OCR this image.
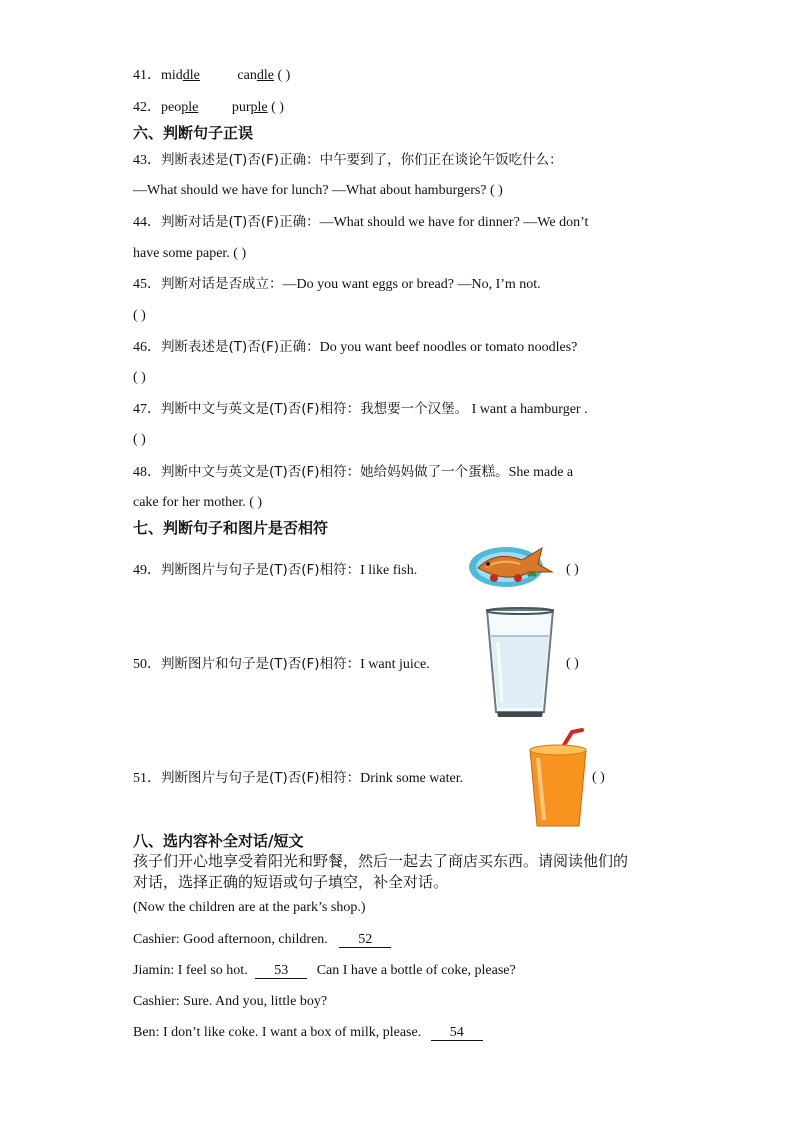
41．middle	candle ( )
42．people purple ( )
六、判断句子正误
43．判断表述是(T)否(F)正确：中午要到了，你们正在谈论午饭吃什么：
—What should we have for lunch? —What about hamburgers? ( )
44．判断对话是(T)否(F)正确：—What should we have for dinner? —We don’t
have some paper. ( )
45．判断对话是否成立：—Do you want eggs or bread? —No, I’m not.
( )
46．判断表述是(T)否(F)正确：Do you want beef noodles or tomato noodles?
( )
47．判断中文与英文是(T)否(F)相符：我想要一个汉堡。 I want a hamburger .
( )
48．判断中文与英文是(T)否(F)相符：她给妈妈做了一个蛋糕。She made a
cake for her mother. ( )
七、判断句子和图片是否相符
49．判断图片与句子是(T)否(F)相符：I like fish.	( )
50．判断图片和句子是(T)否(F)相符：I want juice.	( )
51．判断图片与句子是(T)否(F)相符：Drink some water.	( )
八、选内容补全对话/短文
孩子们开心地享受着阳光和野餐，然后一起去了商店买东西。请阅读他们的
对话，选择正确的短语或句子填空，补全对话。
(Now the children are at the park’s shop.)
Cashier: Good afternoon, children. 52
Jiamin: I feel so hot. 53 Can I have a bottle of coke, please?
Cashier: Sure. And you, little boy?
Ben: I don’t like coke. I want a box of milk, please. 54
